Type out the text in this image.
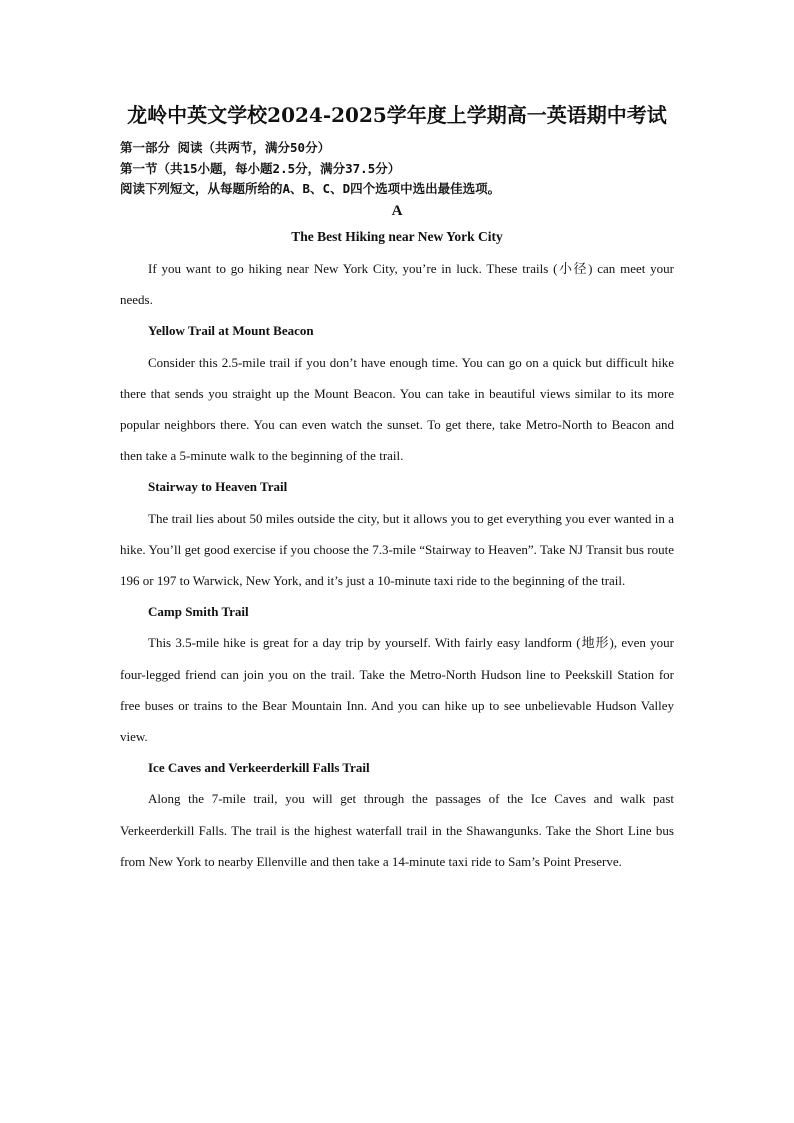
龙岭中英文学校2024-2025学年度上学期高一英语期中考试
第一部分 阅读（共两节，满分50分）
第一节（共15小题，每小题2.5分，满分37.5分）
阅读下列短文，从每题所给的A、B、C、D四个选项中选出最佳选项。
A
The Best Hiking near New York City

If you want to go hiking near New York City, you’re in luck. These trails (小径) can meet your needs.

Yellow Trail at Mount Beacon

Consider this 2.5-mile trail if you don’t have enough time. You can go on a quick but difficult hike there that sends you straight up the Mount Beacon. You can take in beautiful views similar to its more popular neighbors there. You can even watch the sunset. To get there, take Metro-North to Beacon and then take a 5-minute walk to the beginning of the trail.

Stairway to Heaven Trail

The trail lies about 50 miles outside the city, but it allows you to get everything you ever wanted in a hike. You’ll get good exercise if you choose the 7.3-mile “Stairway to Heaven”. Take NJ Transit bus route 196 or 197 to Warwick, New York, and it’s just a 10-minute taxi ride to the beginning of the trail.

Camp Smith Trail

This 3.5-mile hike is great for a day trip by yourself. With fairly easy landform (地形), even your four-legged friend can join you on the trail. Take the Metro-North Hudson line to Peekskill Station for free buses or trains to the Bear Mountain Inn. And you can hike up to see unbelievable Hudson Valley view.

Ice Caves and Verkeerderkill Falls Trail

Along the 7-mile trail, you will get through the passages of the Ice Caves and walk past Verkeerderkill Falls. The trail is the highest waterfall trail in the Shawangunks. Take the Short Line bus from New York to nearby Ellenville and then take a 14-minute taxi ride to Sam’s Point Preserve.
